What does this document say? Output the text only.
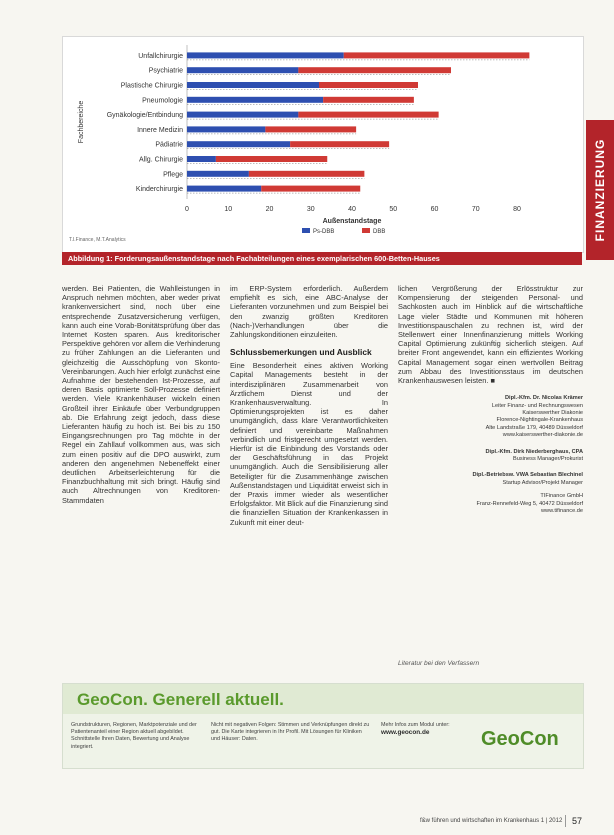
Unfallchirurgie
Psychiatrie
Plastische Chirurgie
Pneumologie
Gynäkologie/Entbindung
Innere Medizin
Pädiatrie
Allg. Chirurgie
Pflege
Kinderchirurgie
0	10	20	30	40	50	60	70	80
Außenstandstage
Fachbereiche
Ps-DBB	DBB
T.I.Finance, M.T.Analytics
Abbildung 1: Forderungsaußenstandstage nach Fachabteilungen eines exemplarischen 600-Betten-Hauses
FINANZIERUNG

werden. Bei Patienten, die Wahlleistungen in Anspruch nehmen möchten, aber weder privat krankenversichert sind, noch über eine entsprechende Zusatzversicherung verfügen, kann auch eine Vorab-Bonitätsprüfung über das Internet Kosten sparen. Aus kreditorischer Perspektive gehören vor allem die Verhinderung zu früher Zahlungen an die Lieferanten und gleichzeitig die Ausschöpfung von Skonto-Vereinbarungen. Auch hier erfolgt zunächst eine Aufnahme der bestehenden Ist-Prozesse, auf deren Basis optimierte Soll-Prozesse definiert werden. Viele Krankenhäuser wickeln einen Großteil ihrer Einkäufe über Verbundgruppen ab. Die Erfahrung zeigt jedoch, dass diese Lieferanten häufig zu hoch ist. Bei bis zu 150 Eingangsrechnungen pro Tag möchte in der Regel ein Zahllauf vollkommen aus, was sich zum einen positiv auf die DPO auswirkt, zum anderen den angenehmen Nebeneffekt einer deutlichen Arbeitserleichterung für die Finanzbuchhaltung mit sich bringt. Häufig sind auch Altrechnungen von Kreditoren-Stammdaten

im ERP-System erforderlich. Außerdem empfiehlt es sich, eine ABC-Analyse der Lieferanten vorzunehmen und zum Beispiel bei den zwanzig größten Kreditoren (Nach-)Verhandlungen über die Zahlungskonditionen einzuleiten.

Schlussbemerkungen und Ausblick

Eine Besonderheit eines aktiven Working Capital Managements besteht in der interdisziplinären Zusammenarbeit von Ärztlichem Dienst und der Krankenhausverwaltung. In Optimierungsprojekten ist es daher unumgänglich, dass klare Verantwortlichkeiten definiert und vereinbarte Maßnahmen verbindlich und fristgerecht umgesetzt werden. Hierfür ist die Einbindung des Vorstands oder der Geschäftsführung in das Projekt unumgänglich. Auch die Sensibilisierung aller Beteiligter für die Zusammenhänge zwischen Außenstandstagen und Liquidität erweist sich in der Praxis immer wieder als wesentlicher Erfolgsfaktor. Mit Blick auf die Finanzierung sind die finanziellen Situation der Krankenkassen in Zukunft mit einer deut-

lichen Vergrößerung der Erlösstruktur zur Kompensierung der steigenden Personal- und Sachkosten auch im Hinblick auf die wirtschaftliche Lage vieler Städte und Kommunen mit höheren Investitionspauschalen zu rechnen ist, wird der Stellenwert einer Innenfinanzierung mittels Working Capital Optimierung zukünftig sicherlich steigen. Auf breiter Front angewendet, kann ein effizientes Working Capital Management sogar einen wertvollen Beitrag zum Abbau des Investitionsstaus im deutschen Krankenhauswesen leisten. ■

Dipl.-Kfm. Dr. Nicolas Krämer
Leiter Finanz- und Rechnungswesen
Kaiserswerther Diakonie
Florence-Nightingale-Krankenhaus
Alte Landstraße 179, 40489 Düsseldorf
www.kaiserswerther-diakonie.de
Dipl.-Kfm. Dirk Niederberghaus, CPA
Business Manager/Prokurist
Dipl.-Betriebsw. VWA Sebastian Blechinel
Startup Advisor/Projekt Manager
TIFinance GmbH
Franz-Rennefeld-Weg 5, 40472 Düsseldorf
www.tifinance.de
Literatur bei den Verfassern
GeoCon. Generell aktuell.
Grundstrukturen, Regionen, Marktpotenziale und der Patientenanteil einer Region aktuell abgebildet. Schnittstelle Ihren Daten, Bewertung und Analyse integriert.
Nicht mit negativen Folgen: Stimmen und Verknüpfungen direkt zu gut. Die Karte integrieren in Ihr Profil. Mit Lösungen für Kliniken und Häuser: Daten.
Mehr Infos zum Modul unter:
www.geocon.de	GeoCon
f&w führen und wirtschaften im Krankenhaus 1 | 2012 57
